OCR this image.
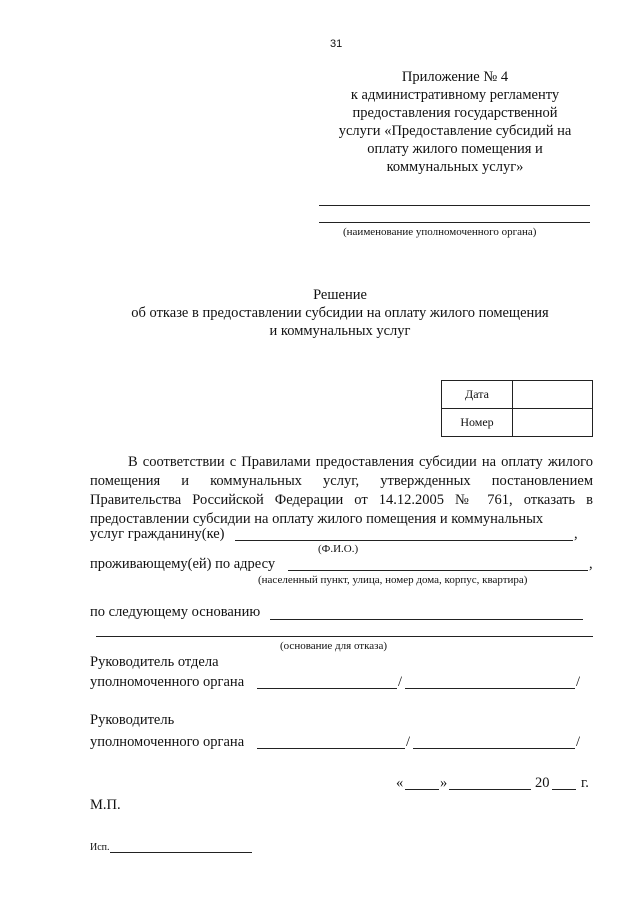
31
Приложение № 4
к административному регламенту
предоставления государственной
услуги «Предоставление субсидий на
оплату жилого помещения и
коммунальных услуг»
(наименование уполномоченного органа)
Решение
об отказе в предоставлении субсидии на оплату жилого помещения
и коммунальных услуг
Дата	
Номер	
В соответствии с Правилами предоставления субсидии на оплату жилого помещения и коммунальных услуг, утвержденных постановлением Правительства Российской Федерации от 14.12.2005 № 761, отказать в предоставлении субсидии на оплату жилого помещения и коммунальных
услуг гражданину(ке)	,
(Ф.И.О.)
проживающему(ей) по адресу	,
(населенный пункт, улица, номер дома, корпус, квартира)
по следующему основанию
(основание для отказа)
Руководитель отдела
уполномоченного органа	/	/
Руководитель
уполномоченного органа	/	/
«	»	20 г.
М.П.
Исп.
